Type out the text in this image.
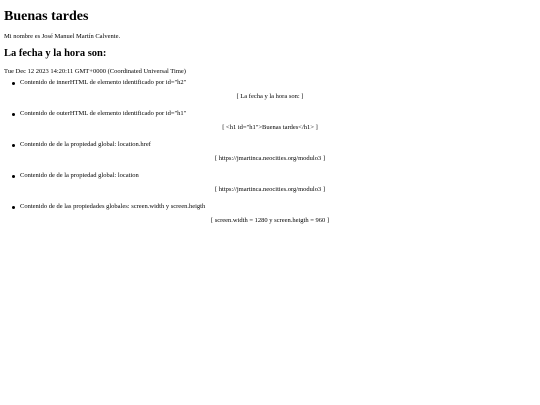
Buenas tardes

Mi nombre es José Manuel Martín Calvente.

La fecha y la hora son:

Tue Dec 12 2023 14:20:11 GMT+0000 (Coordinated Universal Time)

Contenido de innerHTML de elemento identificado por id="h2"
[ La fecha y la hora son: ]
Contenido de outerHTML de elemento identificado por id="h1"
[ <h1 id="h1">Buenas tardes</h1> ]
Contenido de de la propiedad global: location.href
[ https://jmartinca.neocities.org/modulo3 ]
Contenido de de la propiedad global: location
[ https://jmartinca.neocities.org/modulo3 ]
Contenido de de las propiedades globales: screen.width y screen.heigth
[ screen.width = 1280 y screen.heigth = 960 ]
